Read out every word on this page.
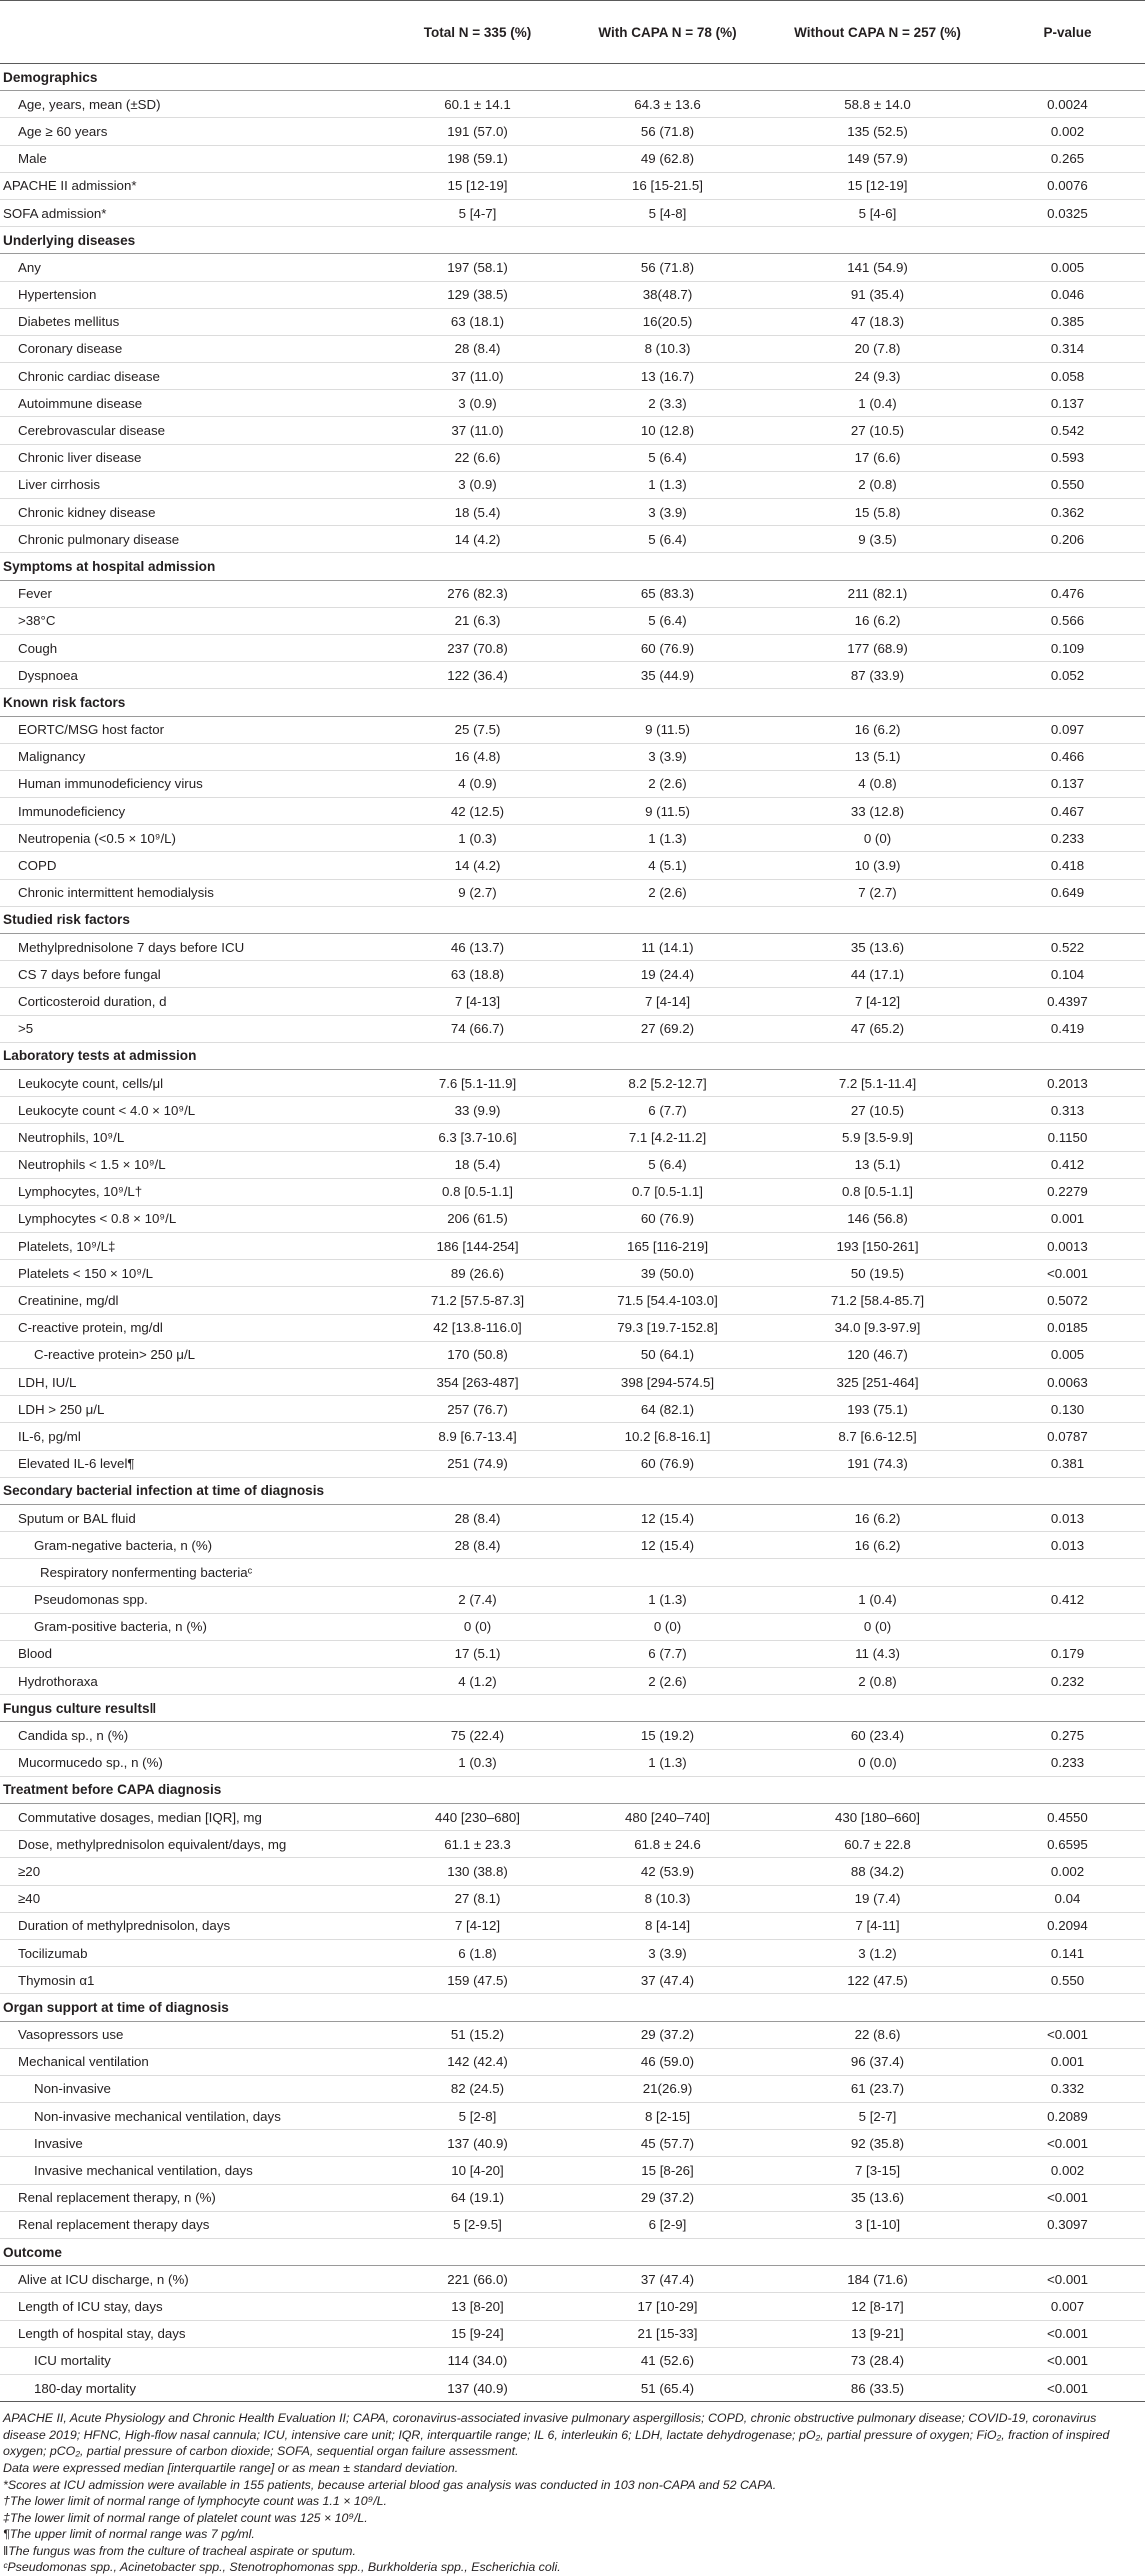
	Total N = 335 (%)	With CAPA N = 78 (%)	Without CAPA N = 257 (%)	P-value
Demographics				
Age, years, mean (±SD)	60.1 ± 14.1	64.3 ± 13.6	58.8 ± 14.0	0.0024
Age ≥ 60 years	191 (57.0)	56 (71.8)	135 (52.5)	0.002
Male	198 (59.1)	49 (62.8)	149 (57.9)	0.265
APACHE II admission*	15 [12-19]	16 [15-21.5]	15 [12-19]	0.0076
SOFA admission*	5 [4-7]	5 [4-8]	5 [4-6]	0.0325
Underlying diseases				
Any	197 (58.1)	56 (71.8)	141 (54.9)	0.005
Hypertension	129 (38.5)	38(48.7)	91 (35.4)	0.046
Diabetes mellitus	63 (18.1)	16(20.5)	47 (18.3)	0.385
Coronary disease	28 (8.4)	8 (10.3)	20 (7.8)	0.314
Chronic cardiac disease	37 (11.0)	13 (16.7)	24 (9.3)	0.058
Autoimmune disease	3 (0.9)	2 (3.3)	1 (0.4)	0.137
Cerebrovascular disease	37 (11.0)	10 (12.8)	27 (10.5)	0.542
Chronic liver disease	22 (6.6)	5 (6.4)	17 (6.6)	0.593
Liver cirrhosis	3 (0.9)	1 (1.3)	2 (0.8)	0.550
Chronic kidney disease	18 (5.4)	3 (3.9)	15 (5.8)	0.362
Chronic pulmonary disease	14 (4.2)	5 (6.4)	9 (3.5)	0.206
Symptoms at hospital admission				
Fever	276 (82.3)	65 (83.3)	211 (82.1)	0.476
>38°C	21 (6.3)	5 (6.4)	16 (6.2)	0.566
Cough	237 (70.8)	60 (76.9)	177 (68.9)	0.109
Dyspnoea	122 (36.4)	35 (44.9)	87 (33.9)	0.052
Known risk factors				
EORTC/MSG host factor	25 (7.5)	9 (11.5)	16 (6.2)	0.097
Malignancy	16 (4.8)	3 (3.9)	13 (5.1)	0.466
Human immunodeficiency virus	4 (0.9)	2 (2.6)	4 (0.8)	0.137
Immunodeficiency	42 (12.5)	9 (11.5)	33 (12.8)	0.467
Neutropenia (<0.5 × 10⁹/L)	1 (0.3)	1 (1.3)	0 (0)	0.233
COPD	14 (4.2)	4 (5.1)	10 (3.9)	0.418
Chronic intermittent hemodialysis	9 (2.7)	2 (2.6)	7 (2.7)	0.649
Studied risk factors				
Methylprednisolone 7 days before ICU	46 (13.7)	11 (14.1)	35 (13.6)	0.522
CS 7 days before fungal	63 (18.8)	19 (24.4)	44 (17.1)	0.104
Corticosteroid duration, d	7 [4-13]	7 [4-14]	7 [4-12]	0.4397
>5	74 (66.7)	27 (69.2)	47 (65.2)	0.419
Laboratory tests at admission				
Leukocyte count, cells/μl	7.6 [5.1-11.9]	8.2 [5.2-12.7]	7.2 [5.1-11.4]	0.2013
Leukocyte count < 4.0 × 10⁹/L	33 (9.9)	6 (7.7)	27 (10.5)	0.313
Neutrophils, 10⁹/L	6.3 [3.7-10.6]	7.1 [4.2-11.2]	5.9 [3.5-9.9]	0.1150
Neutrophils < 1.5 × 10⁹/L	18 (5.4)	5 (6.4)	13 (5.1)	0.412
Lymphocytes, 10⁹/L†	0.8 [0.5-1.1]	0.7 [0.5-1.1]	0.8 [0.5-1.1]	0.2279
Lymphocytes < 0.8 × 10⁹/L	206 (61.5)	60 (76.9)	146 (56.8)	0.001
Platelets, 10⁹/L‡	186 [144-254]	165 [116-219]	193 [150-261]	0.0013
Platelets < 150 × 10⁹/L	89 (26.6)	39 (50.0)	50 (19.5)	<0.001
Creatinine, mg/dl	71.2 [57.5-87.3]	71.5 [54.4-103.0]	71.2 [58.4-85.7]	0.5072
C-reactive protein, mg/dl	42 [13.8-116.0]	79.3 [19.7-152.8]	34.0 [9.3-97.9]	0.0185
C-reactive protein> 250 μ/L	170 (50.8)	50 (64.1)	120 (46.7)	0.005
LDH, IU/L	354 [263-487]	398 [294-574.5]	325 [251-464]	0.0063
LDH > 250 μ/L	257 (76.7)	64 (82.1)	193 (75.1)	0.130
IL-6, pg/ml	8.9 [6.7-13.4]	10.2 [6.8-16.1]	8.7 [6.6-12.5]	0.0787
Elevated IL-6 level¶	251 (74.9)	60 (76.9)	191 (74.3)	0.381
Secondary bacterial infection at time of diagnosis				
Sputum or BAL fluid	28 (8.4)	12 (15.4)	16 (6.2)	0.013
Gram-negative bacteria, n (%)	28 (8.4)	12 (15.4)	16 (6.2)	0.013
Respiratory nonfermenting bacteriaᶜ				
Pseudomonas spp.	2 (7.4)	1 (1.3)	1 (0.4)	0.412
Gram-positive bacteria, n (%)	0 (0)	0 (0)	0 (0)	
Blood	17 (5.1)	6 (7.7)	11 (4.3)	0.179
Hydrothoraxa	4 (1.2)	2 (2.6)	2 (0.8)	0.232
Fungus culture results‖				
Candida sp., n (%)	75 (22.4)	15 (19.2)	60 (23.4)	0.275
Mucormucedo sp., n (%)	1 (0.3)	1 (1.3)	0 (0.0)	0.233
Treatment before CAPA diagnosis				
Commutative dosages, median [IQR], mg	440 [230–680]	480 [240–740]	430 [180–660]	0.4550
Dose, methylprednisolon equivalent/days, mg	61.1 ± 23.3	61.8 ± 24.6	60.7 ± 22.8	0.6595
≥20	130 (38.8)	42 (53.9)	88 (34.2)	0.002
≥40	27 (8.1)	8 (10.3)	19 (7.4)	0.04
Duration of methylprednisolon, days	7 [4-12]	8 [4-14]	7 [4-11]	0.2094
Tocilizumab	6 (1.8)	3 (3.9)	3 (1.2)	0.141
Thymosin α1	159 (47.5)	37 (47.4)	122 (47.5)	0.550
Organ support at time of diagnosis				
Vasopressors use	51 (15.2)	29 (37.2)	22 (8.6)	<0.001
Mechanical ventilation	142 (42.4)	46 (59.0)	96 (37.4)	0.001
Non-invasive	82 (24.5)	21(26.9)	61 (23.7)	0.332
Non-invasive mechanical ventilation, days	5 [2-8]	8 [2-15]	5 [2-7]	0.2089
Invasive	137 (40.9)	45 (57.7)	92 (35.8)	<0.001
Invasive mechanical ventilation, days	10 [4-20]	15 [8-26]	7 [3-15]	0.002
Renal replacement therapy, n (%)	64 (19.1)	29 (37.2)	35 (13.6)	<0.001
Renal replacement therapy days	5 [2-9.5]	6 [2-9]	3 [1-10]	0.3097
Outcome				
Alive at ICU discharge, n (%)	221 (66.0)	37 (47.4)	184 (71.6)	<0.001
Length of ICU stay, days	13 [8-20]	17 [10-29]	12 [8-17]	0.007
Length of hospital stay, days	15 [9-24]	21 [15-33]	13 [9-21]	<0.001
ICU mortality	114 (34.0)	41 (52.6)	73 (28.4)	<0.001
180-day mortality	137 (40.9)	51 (65.4)	86 (33.5)	<0.001

APACHE II, Acute Physiology and Chronic Health Evaluation II; CAPA, coronavirus-associated invasive pulmonary aspergillosis; COPD, chronic obstructive pulmonary disease; COVID-19, coronavirus disease 2019; HFNC, High-flow nasal cannula; ICU, intensive care unit; IQR, interquartile range; IL 6, interleukin 6; LDH, lactate dehydrogenase; pO₂, partial pressure of oxygen; FiO₂, fraction of inspired oxygen; pCO₂, partial pressure of carbon dioxide; SOFA, sequential organ failure assessment.

Data were expressed median [interquartile range] or as mean ± standard deviation.

*Scores at ICU admission were available in 155 patients, because arterial blood gas analysis was conducted in 103 non-CAPA and 52 CAPA.

†The lower limit of normal range of lymphocyte count was 1.1 × 10⁹/L.

‡The lower limit of normal range of platelet count was 125 × 10⁹/L.

¶The upper limit of normal range was 7 pg/ml.

‖The fungus was from the culture of tracheal aspirate or sputum.

ᶜPseudomonas spp., Acinetobacter spp., Stenotrophomonas spp., Burkholderia spp., Escherichia coli.
